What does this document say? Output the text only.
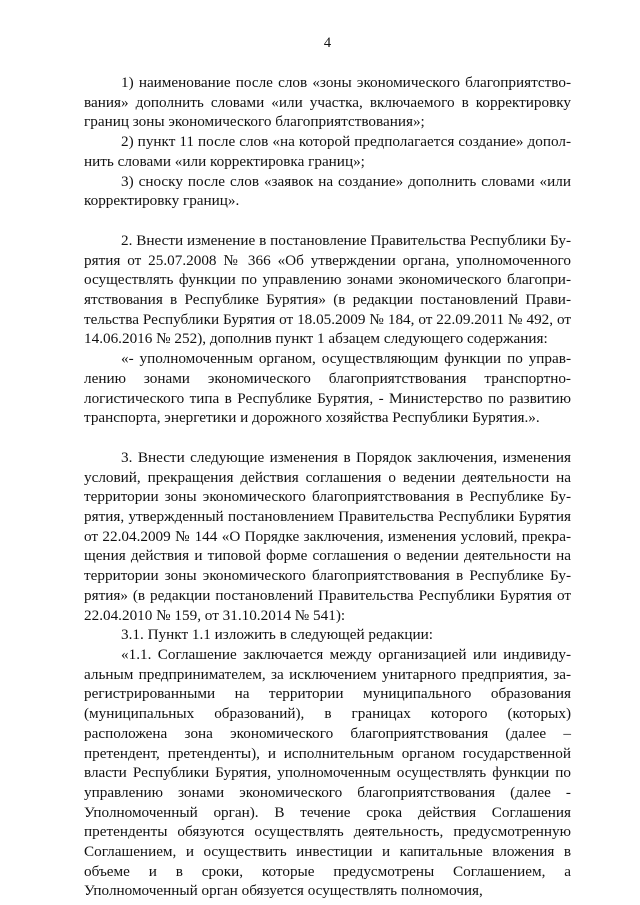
4

1) наименование после слов «зоны экономического благоприятствования» дополнить словами «или участка, включаемого в корректировку границ зоны экономического благоприятствования»;

2) пункт 11 после слов «на которой предполагается создание» дополнить словами «или корректировка границ»;

3) сноску после слов «заявок на создание» дополнить словами «или корректировку границ».

2. Внести изменение в постановление Правительства Республики Бурятия от 25.07.2008 № 366 «Об утверждении органа, уполномоченного осуществлять функции по управлению зонами экономического благоприятствования в Республике Бурятия» (в редакции постановлений Правительства Республики Бурятия от 18.05.2009 № 184, от 22.09.2011 № 492, от 14.06.2016 № 252), дополнив пункт 1 абзацем следующего содержания:

«- уполномоченным органом, осуществляющим функции по управлению зонами экономического благоприятствования транспортно-логистического типа в Республике Бурятия, - Министерство по развитию транспорта, энергетики и дорожного хозяйства Республики Бурятия.».

3. Внести следующие изменения в Порядок заключения, изменения условий, прекращения действия соглашения о ведении деятельности на территории зоны экономического благоприятствования в Республике Бурятия, утвержденный постановлением Правительства Республики Бурятия от 22.04.2009 № 144 «О Порядке заключения, изменения условий, прекращения действия и типовой форме соглашения о ведении деятельности на территории зоны экономического благоприятствования в Республике Бурятия» (в редакции постановлений Правительства Республики Бурятия от 22.04.2010 № 159, от 31.10.2014 № 541):

3.1. Пункт 1.1 изложить в следующей редакции:

«1.1. Соглашение заключается между организацией или индивидуальным предпринимателем, за исключением унитарного предприятия, зарегистрированными на территории муниципального образования (муниципальных образований), в границах которого (которых) расположена зона экономического благоприятствования (далее – претендент, претенденты), и исполнительным органом государственной власти Республики Бурятия, уполномоченным осуществлять функции по управлению зонами экономического благоприятствования (далее - Уполномоченный орган). В течение срока действия Соглашения претенденты обязуются осуществлять деятельность, предусмотренную Соглашением, и осуществить инвестиции и капитальные вложения в объеме и в сроки, которые предусмотрены Соглашением, а Уполномоченный орган обязуется осуществлять полномочия,
